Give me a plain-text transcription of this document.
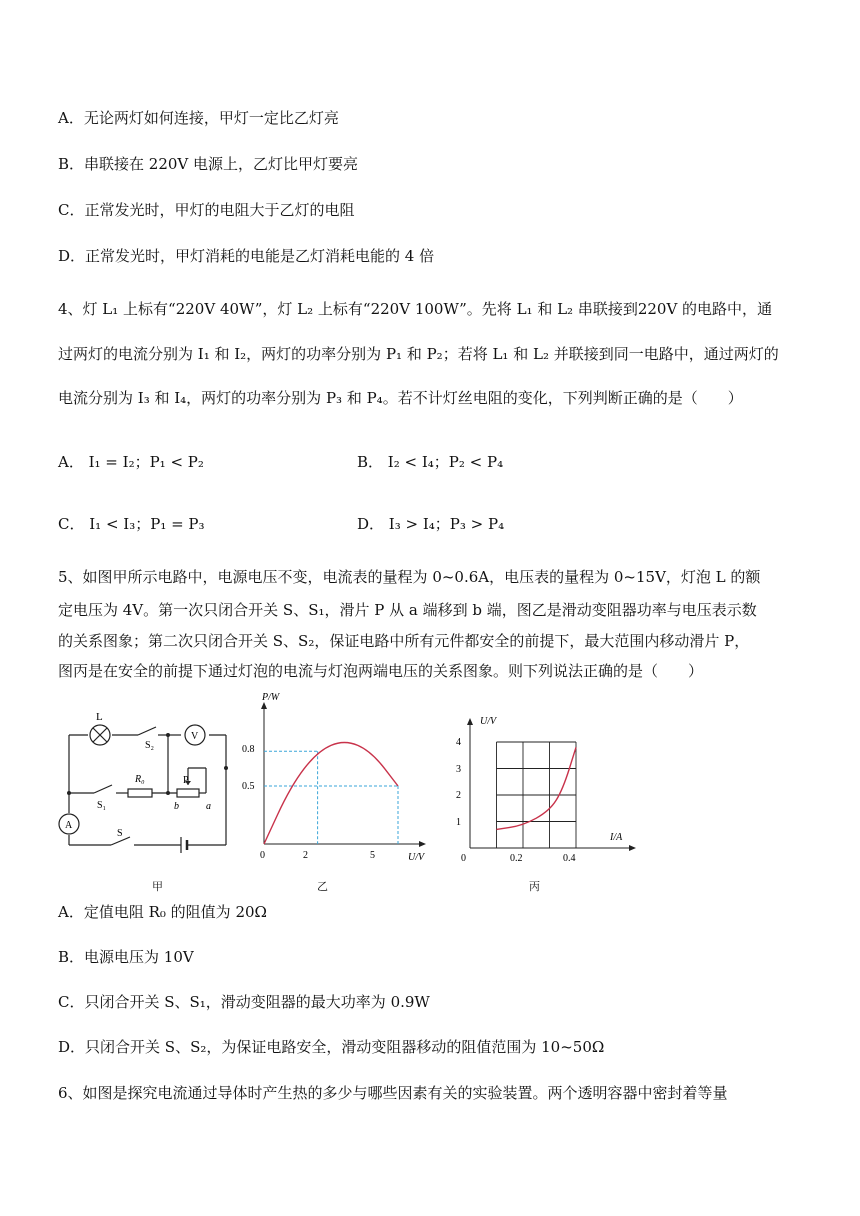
A．无论两灯如何连接，甲灯一定比乙灯亮
B．串联接在 220V 电源上，乙灯比甲灯要亮
C．正常发光时，甲灯的电阻大于乙灯的电阻
D．正常发光时，甲灯消耗的电能是乙灯消耗电能的 4 倍
4、灯 L₁ 上标有“220V 40W”，灯 L₂ 上标有“220V 100W”。先将 L₁ 和 L₂ 串联接到220V 的电路中，通
过两灯的电流分别为 I₁ 和 I₂，两灯的功率分别为 P₁ 和 P₂；若将 L₁ 和 L₂ 并联接到同一电路中，通过两灯的
电流分别为 I₃ 和 I₄，两灯的功率分别为 P₃ 和 P₄。若不计灯丝电阻的变化，下列判断正确的是（　　）
A． I₁ = I₂；P₁ < P₂	B． I₂ < I₄；P₂ < P₄
C． I₁ < I₃；P₁ = P₃	D． I₃ > I₄；P₃ > P₄
5、如图甲所示电路中，电源电压不变，电流表的量程为 0~0.6A，电压表的量程为 0~15V，灯泡 L 的额
定电压为 4V。第一次只闭合开关 S、S₁，滑片 P 从 a 端移到 b 端，图乙是滑动变阻器功率与电压表示数
的关系图象；第二次只闭合开关 S、S₂，保证电路中所有元件都安全的前提下，最大范围内移动滑片 P，
图丙是在安全的前提下通过灯泡的电流与灯泡两端电压的关系图象。则下列说法正确的是（　　）
L
S₂
V
R₀	P
S₁	b	a
A
S
甲
P/W
U/V
0.8
0.5
0	2	5
乙
U/V
I/A
1
2
3
4
0	0.2	0.4
丙
A．定值电阻 R₀ 的阻值为 20Ω
B．电源电压为 10V
C．只闭合开关 S、S₁，滑动变阻器的最大功率为 0.9W
D．只闭合开关 S、S₂，为保证电路安全，滑动变阻器移动的阻值范围为 10~50Ω
6、如图是探究电流通过导体时产生热的多少与哪些因素有关的实验装置。两个透明容器中密封着等量
